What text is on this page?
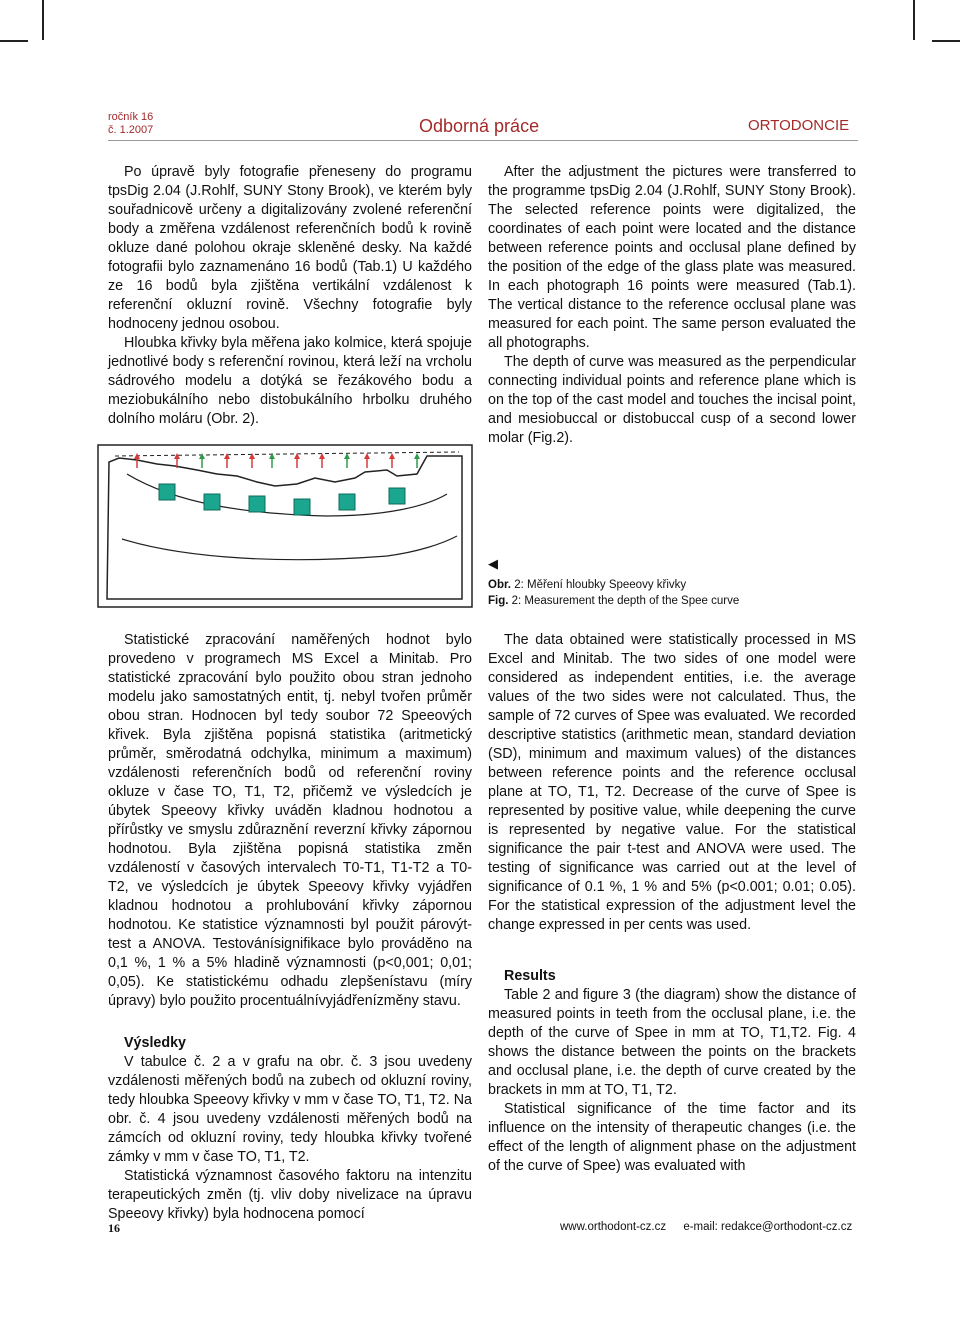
ročník 16
č. 1.2007	Odborná práce	ORTODONCIE

Po úpravě byly fotografie přeneseny do programu tpsDig 2.04 (J.Rohlf, SUNY Stony Brook), ve kterém byly souřadnicově určeny a digitalizovány zvolené referenční body a změřena vzdálenost referenčních bodů k rovině okluze dané polohou okraje skleněné desky. Na každé fotografii bylo zaznamenáno 16 bodů (Tab.1) U každého ze 16 bodů byla zjištěna vertikální vzdálenost k referenční okluzní rovině. Všechny fotografie byly hodnoceny jednou osobou.

Hloubka křivky byla měřena jako kolmice, která spojuje jednotlivé body s referenční rovinou, která leží na vrcholu sádrového modelu a dotýká se řezákového bodu a meziobukálního nebo distobukálního hrbolku druhého dolního moláru (Obr. 2).

After the adjustment the pictures were transferred to the programme tpsDig 2.04 (J.Rohlf, SUNY Stony Brook). The selected reference points were digitalized, the coordinates of each point were located and the distance between reference points and occlusal plane defined by the position of the edge of the glass plate was measured. In each photograph 16 points were measured (Tab.1). The vertical distance to the reference occlusal plane was measured for each point. The same person evaluated the all photographs.

The depth of curve was measured as the perpendicular connecting individual points and reference plane which is on the top of the cast model and touches the incisal point, and mesiobuccal or distobuccal cusp of a second lower molar (Fig.2).

◀
Obr. 2: Měření hloubky Speeovy křivky
Fig. 2: Measurement the depth of the Spee curve

Statistické zpracování naměřených hodnot bylo provedeno v programech MS Excel a Minitab. Pro statistické zpracování bylo použito obou stran jednoho modelu jako samostatných entit, tj. nebyl tvořen průměr obou stran. Hodnocen byl tedy soubor 72 Speeových křivek. Byla zjištěna popisná statistika (aritmetický průměr, směrodatná odchylka, minimum a maximum) vzdálenosti referenčních bodů od referenční roviny okluze v čase TO, T1, T2, přičemž ve výsledcích je úbytek Speeovy křivky uváděn kladnou hodnotou a přírůstky ve smyslu zdůraznění reverzní křivky zápornou hodnotou. Byla zjištěna popisná statistika změn vzdáleností v časových intervalech T0-T1, T1-T2 a T0-T2, ve výsledcích je úbytek Speeovy křivky vyjádřen kladnou hodnotou a prohlubování křivky zápornou hodnotou. Ke statistice významnosti byl použit párovýt-test a ANOVA. Testovánísignifikace bylo prováděno na 0,1 %, 1 % a 5% hladině významnosti (p<0,001; 0,01; 0,05). Ke statistickému odhadu zlepšenístavu (míry úpravy) bylo použito procentuálnívyjádřenízměny stavu.

Výsledky

V tabulce č. 2 a v grafu na obr. č. 3 jsou uvedeny vzdálenosti měřených bodů na zubech od okluzní roviny, tedy hloubka Speeovy křivky v mm v čase TO, T1, T2. Na obr. č. 4 jsou uvedeny vzdálenosti měřených bodů na zámcích od okluzní roviny, tedy hloubka křivky tvořené zámky v mm v čase TO, T1, T2.

Statistická významnost časového faktoru na intenzitu terapeutických změn (tj. vliv doby nivelizace na úpravu Speeovy křivky) byla hodnocena pomocí

The data obtained were statistically processed in MS Excel and Minitab. The two sides of one model were considered as independent entities, i.e. the average values of the two sides were not calculated. Thus, the sample of 72 curves of Spee was evaluated. We recorded descriptive statistics (arithmetic mean, standard deviation (SD), minimum and maximum values) of the distances between reference points and the reference occlusal plane at TO, T1, T2. Decrease of the curve of Spee is represented by positive value, while deepening the curve is represented by negative value. For the statistical significance the pair t-test and ANOVA were used. The testing of significance was carried out at the level of significance of 0.1 %, 1 % and 5% (p<0.001; 0.01; 0.05). For the statistical expression of the adjustment level the change expressed in per cents was used.

Results

Table 2 and figure 3 (the diagram) show the distance of measured points in teeth from the occlusal plane, i.e. the depth of the curve of Spee in mm at TO, T1,T2. Fig. 4 shows the distance between the points on the brackets and occlusal plane, i.e. the depth of curve created by the brackets in mm at TO, T1, T2.

Statistical significance of the time factor and its influence on the intensity of therapeutic changes (i.e. the effect of the length of alignment phase on the adjustment of the curve of Spee) was evaluated with

16	www.orthodont-cz.cz e-mail: redakce@orthodont-cz.cz
